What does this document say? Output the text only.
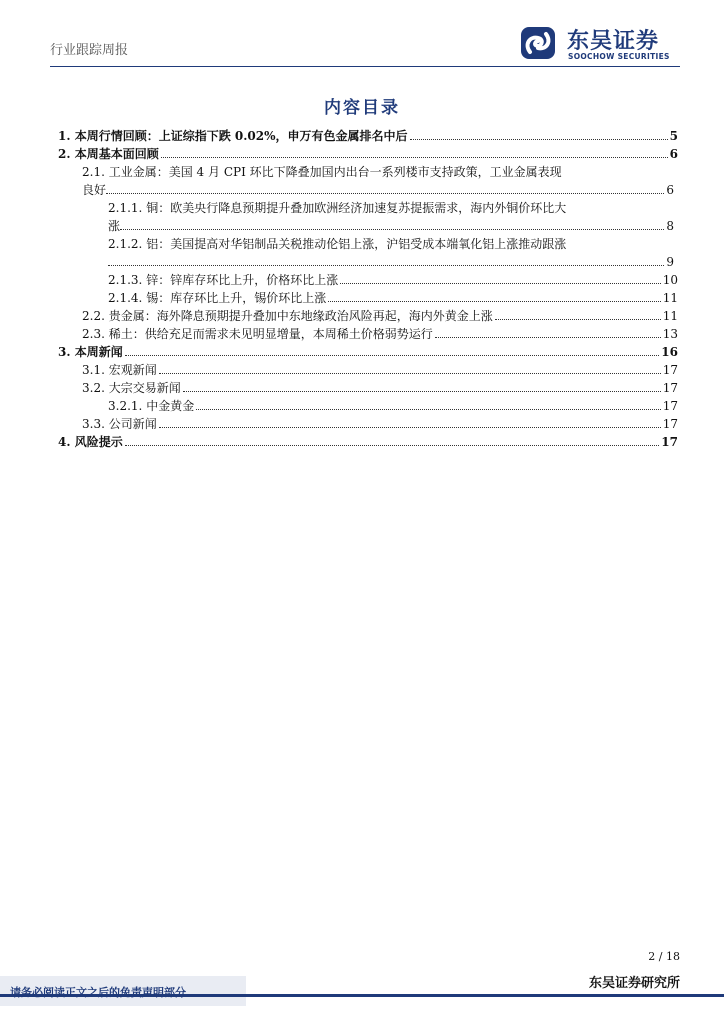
行业跟踪周报	东吴证券
SOOCHOW SECURITIES
内容目录
1. 本周行情回顾：上证综指下跌 0.02%，申万有色金属排名中后	5
2. 本周基本面回顾	6
2.1. 工业金属：美国 4 月 CPI 环比下降叠加国内出台一系列楼市支持政策，工业金属表现
良好	6
2.1.1. 铜：欧美央行降息预期提升叠加欧洲经济加速复苏提振需求，海内外铜价环比大
涨	8
2.1.2. 铝：美国提高对华铝制品关税推动伦铝上涨，沪铝受成本端氧化铝上涨推动跟涨
9
2.1.3. 锌：锌库存环比上升，价格环比上涨	10
2.1.4. 锡：库存环比上升，锡价环比上涨	11
2.2. 贵金属：海外降息预期提升叠加中东地缘政治风险再起，海内外黄金上涨	11
2.3. 稀土：供给充足而需求未见明显增量，本周稀土价格弱势运行	13
3. 本周新闻	16
3.1. 宏观新闻	17
3.2. 大宗交易新闻	17
3.2.1. 中金黄金	17
3.3. 公司新闻	17
4. 风险提示	17
2 / 18
东吴证券研究所
请务必阅读正文之后的免责声明部分
